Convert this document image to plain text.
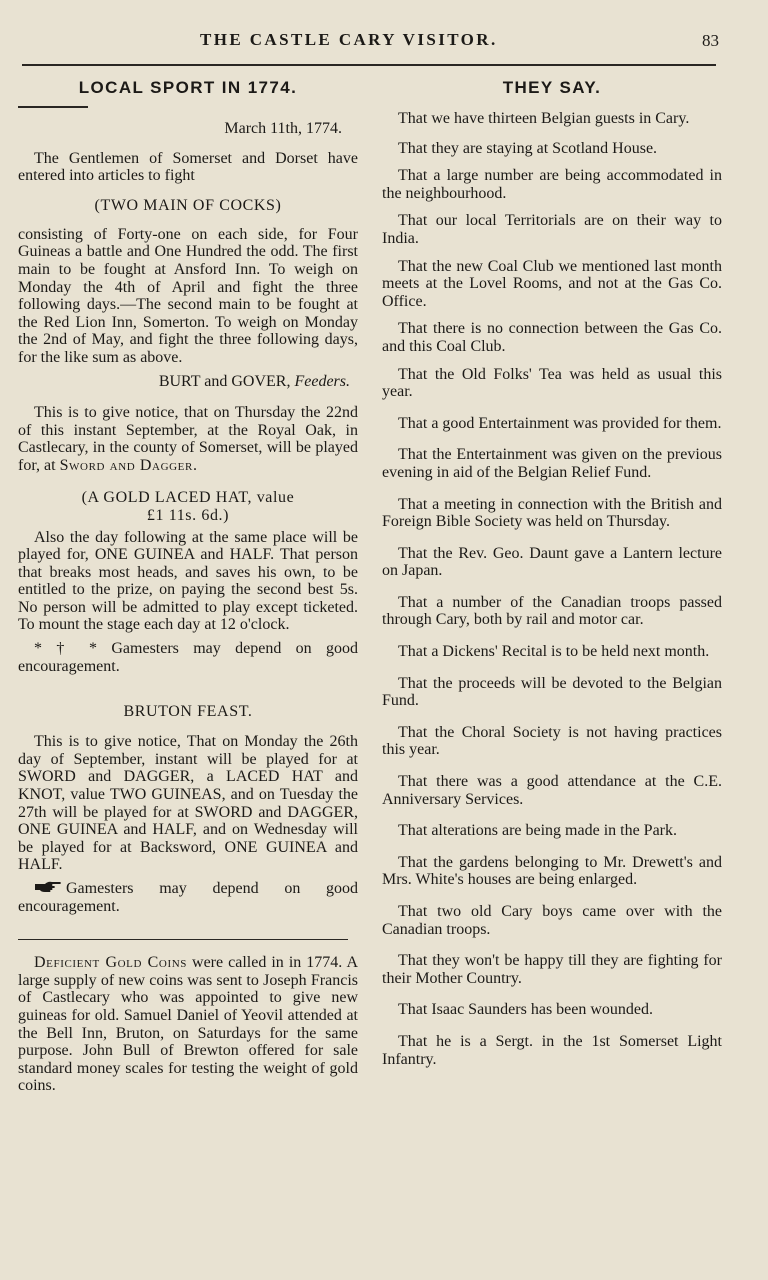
THE CASTLE CARY VISITOR.	83
LOCAL SPORT IN 1774.

March 11th, 1774.

The Gentlemen of Somerset and Dorset have entered into articles to fight

(TWO MAIN OF COCKS)

consisting of Forty-one on each side, for Four Guineas a battle and One Hundred the odd. The first main to be fought at Ansford Inn. To weigh on Monday the 4th of April and fight the three following days.—The second main to be fought at the Red Lion Inn, Somerton. To weigh on Monday the 2nd of May, and fight the three following days, for the like sum as above.

BURT and GOVER, Feeders.

This is to give notice, that on Thursday the 22nd of this instant September, at the Royal Oak, in Castlecary, in the county of Somerset, will be played for, at Sword and Dagger.

(A GOLD LACED HAT, value

£1 11s. 6d.)

Also the day following at the same place will be played for, ONE GUINEA and HALF. That person that breaks most heads, and saves his own, to be entitled to the prize, on paying the second best 5s. No person will be admitted to play except ticketed. To mount the stage each day at 12 o'clock.

* † * Gamesters may depend on good encouragement.

BRUTON FEAST.

This is to give notice, That on Monday the 26th day of September, instant will be played for at SWORD and DAGGER, a LACED HAT and KNOT, value TWO GUINEAS, and on Tuesday the 27th will be played for at SWORD and DAGGER, ONE GUINEA and HALF, and on Wednesday will be played for at Backsword, ONE GUINEA and HALF.

Gamesters may depend on good encouragement.

Deficient Gold Coins were called in in 1774. A large supply of new coins was sent to Joseph Francis of Castlecary who was appointed to give new guineas for old. Samuel Daniel of Yeovil attended at the Bell Inn, Bruton, on Saturdays for the same purpose. John Bull of Brewton offered for sale standard money scales for testing the weight of gold coins.

THEY SAY.

That we have thirteen Belgian guests in Cary.

That they are staying at Scotland House.

That a large number are being accommodated in the neighbourhood.

That our local Territorials are on their way to India.

That the new Coal Club we mentioned last month meets at the Lovel Rooms, and not at the Gas Co. Office.

That there is no connection between the Gas Co. and this Coal Club.

That the Old Folks' Tea was held as usual this year.

That a good Entertainment was provided for them.

That the Entertainment was given on the previous evening in aid of the Belgian Relief Fund.

That a meeting in connection with the British and Foreign Bible Society was held on Thursday.

That the Rev. Geo. Daunt gave a Lantern lecture on Japan.

That a number of the Canadian troops passed through Cary, both by rail and motor car.

That a Dickens' Recital is to be held next month.

That the proceeds will be devoted to the Belgian Fund.

That the Choral Society is not having practices this year.

That there was a good attendance at the C.E. Anniversary Services.

That alterations are being made in the Park.

That the gardens belonging to Mr. Drewett's and Mrs. White's houses are being enlarged.

That two old Cary boys came over with the Canadian troops.

That they won't be happy till they are fighting for their Mother Country.

That Isaac Saunders has been wounded.

That he is a Sergt. in the 1st Somerset Light Infantry.
